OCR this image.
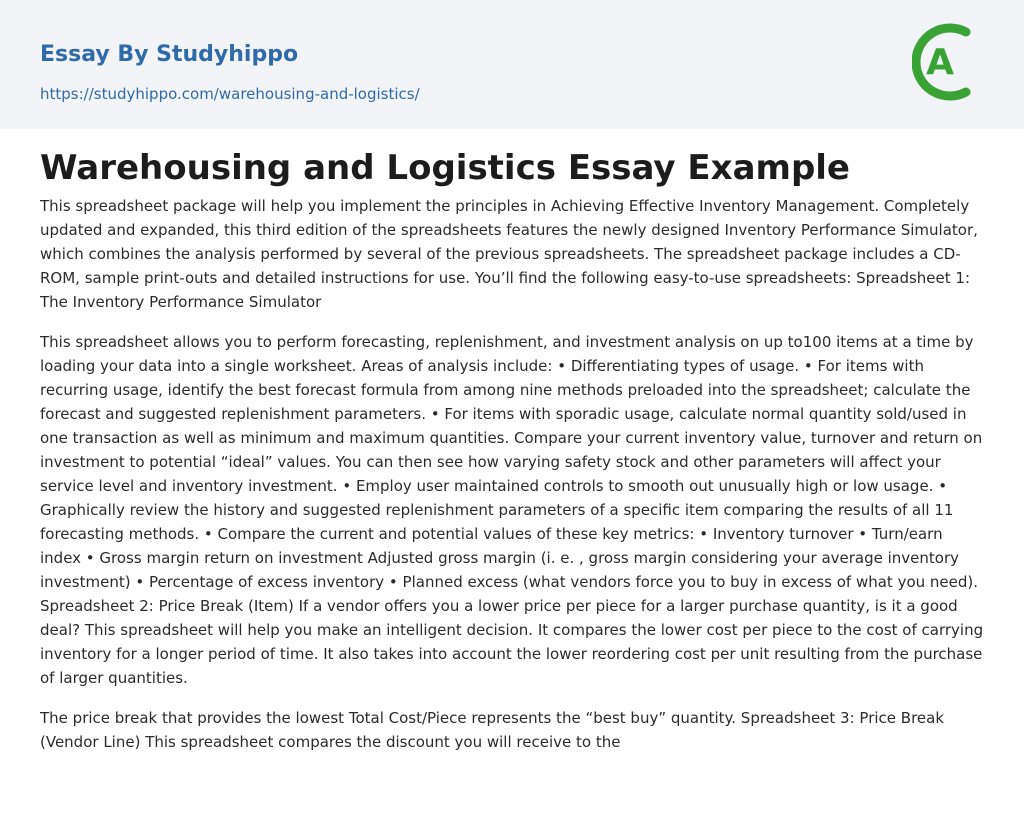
Essay By Studyhippo
https://studyhippo.com/warehousing-and-logistics/
A
Warehousing and Logistics Essay Example

This spreadsheet package will help you implement the principles in Achieving Effective Inventory Management. Completely updated and expanded, this third edition of the spreadsheets features the newly designed Inventory Performance Simulator, which combines the analysis performed by several of the previous spreadsheets. The spreadsheet package includes a CD-ROM, sample print-outs and detailed instructions for use. You’ll find the following easy-to-use spreadsheets: Spreadsheet 1: The Inventory Performance Simulator

This spreadsheet allows you to perform forecasting, replenishment, and investment analysis on up to100 items at a time by loading your data into a single worksheet. Areas of analysis include: • Differentiating types of usage. • For items with recurring usage, identify the best forecast formula from among nine methods preloaded into the spreadsheet; calculate the forecast and suggested replenishment parameters. • For items with sporadic usage, calculate normal quantity sold/used in one transaction as well as minimum and maximum quantities. Compare your current inventory value, turnover and return on investment to potential “ideal” values. You can then see how varying safety stock and other parameters will affect your service level and inventory investment. • Employ user maintained controls to smooth out unusually high or low usage. • Graphically review the history and suggested replenishment parameters of a specific item comparing the results of all 11 forecasting methods. • Compare the current and potential values of these key metrics: • Inventory turnover • Turn/earn index • Gross margin return on investment Adjusted gross margin (i. e. , gross margin considering your average inventory investment) • Percentage of excess inventory • Planned excess (what vendors force you to buy in excess of what you need). Spreadsheet 2: Price Break (Item) If a vendor offers you a lower price per piece for a larger purchase quantity, is it a good deal? This spreadsheet will help you make an intelligent decision. It compares the lower cost per piece to the cost of carrying inventory for a longer period of time. It also takes into account the lower reordering cost per unit resulting from the purchase of larger quantities.

The price break that provides the lowest Total Cost/Piece represents the “best buy” quantity. Spreadsheet 3: Price Break (Vendor Line) This spreadsheet compares the discount you will receive to the
